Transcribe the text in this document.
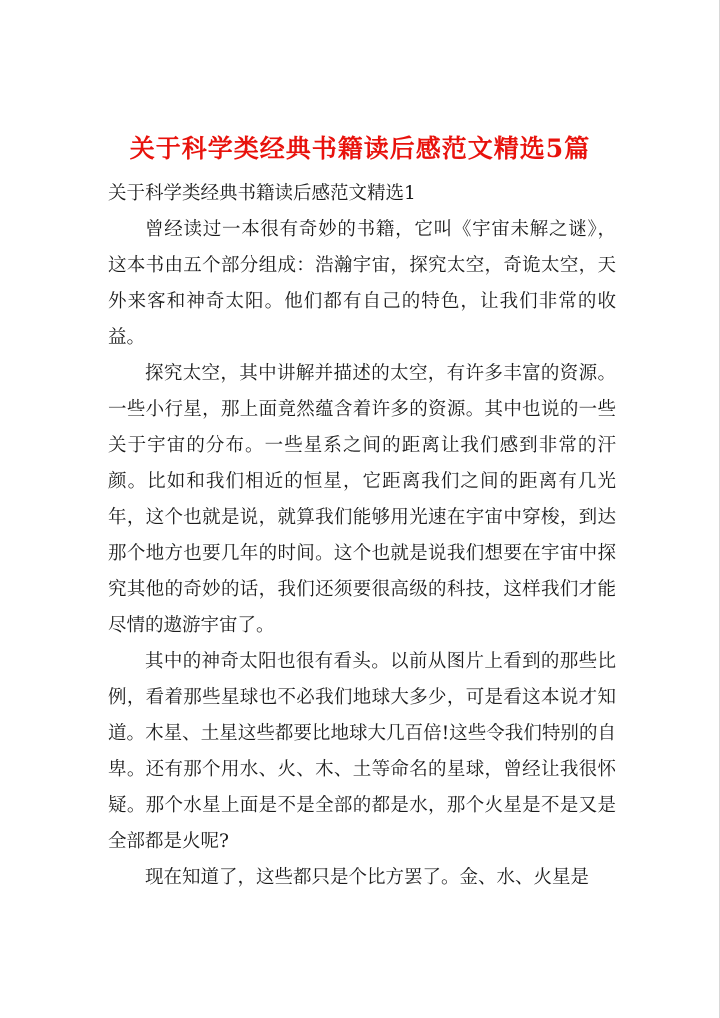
关于科学类经典书籍读后感范文精选5篇
关于科学类经典书籍读后感范文精选1

曾经读过一本很有奇妙的书籍，它叫《宇宙未解之谜》，这本书由五个部分组成：浩瀚宇宙，探究太空，奇诡太空，天外来客和神奇太阳。他们都有自己的特色，让我们非常的收益。

探究太空，其中讲解并描述的太空，有许多丰富的资源。一些小行星，那上面竟然蕴含着许多的资源。其中也说的一些关于宇宙的分布。一些星系之间的距离让我们感到非常的汗颜。比如和我们相近的恒星，它距离我们之间的距离有几光年，这个也就是说，就算我们能够用光速在宇宙中穿梭，到达那个地方也要几年的时间。这个也就是说我们想要在宇宙中探究其他的奇妙的话，我们还须要很高级的科技，这样我们才能尽情的遨游宇宙了。

其中的神奇太阳也很有看头。以前从图片上看到的那些比例，看着那些星球也不必我们地球大多少，可是看这本说才知道。木星、土星这些都要比地球大几百倍!这些令我们特别的自卑。还有那个用水、火、木、土等命名的星球，曾经让我很怀疑。那个水星上面是不是全部的都是水，那个火星是不是又是全部都是火呢?

现在知道了，这些都只是个比方罢了。金、水、火星是
